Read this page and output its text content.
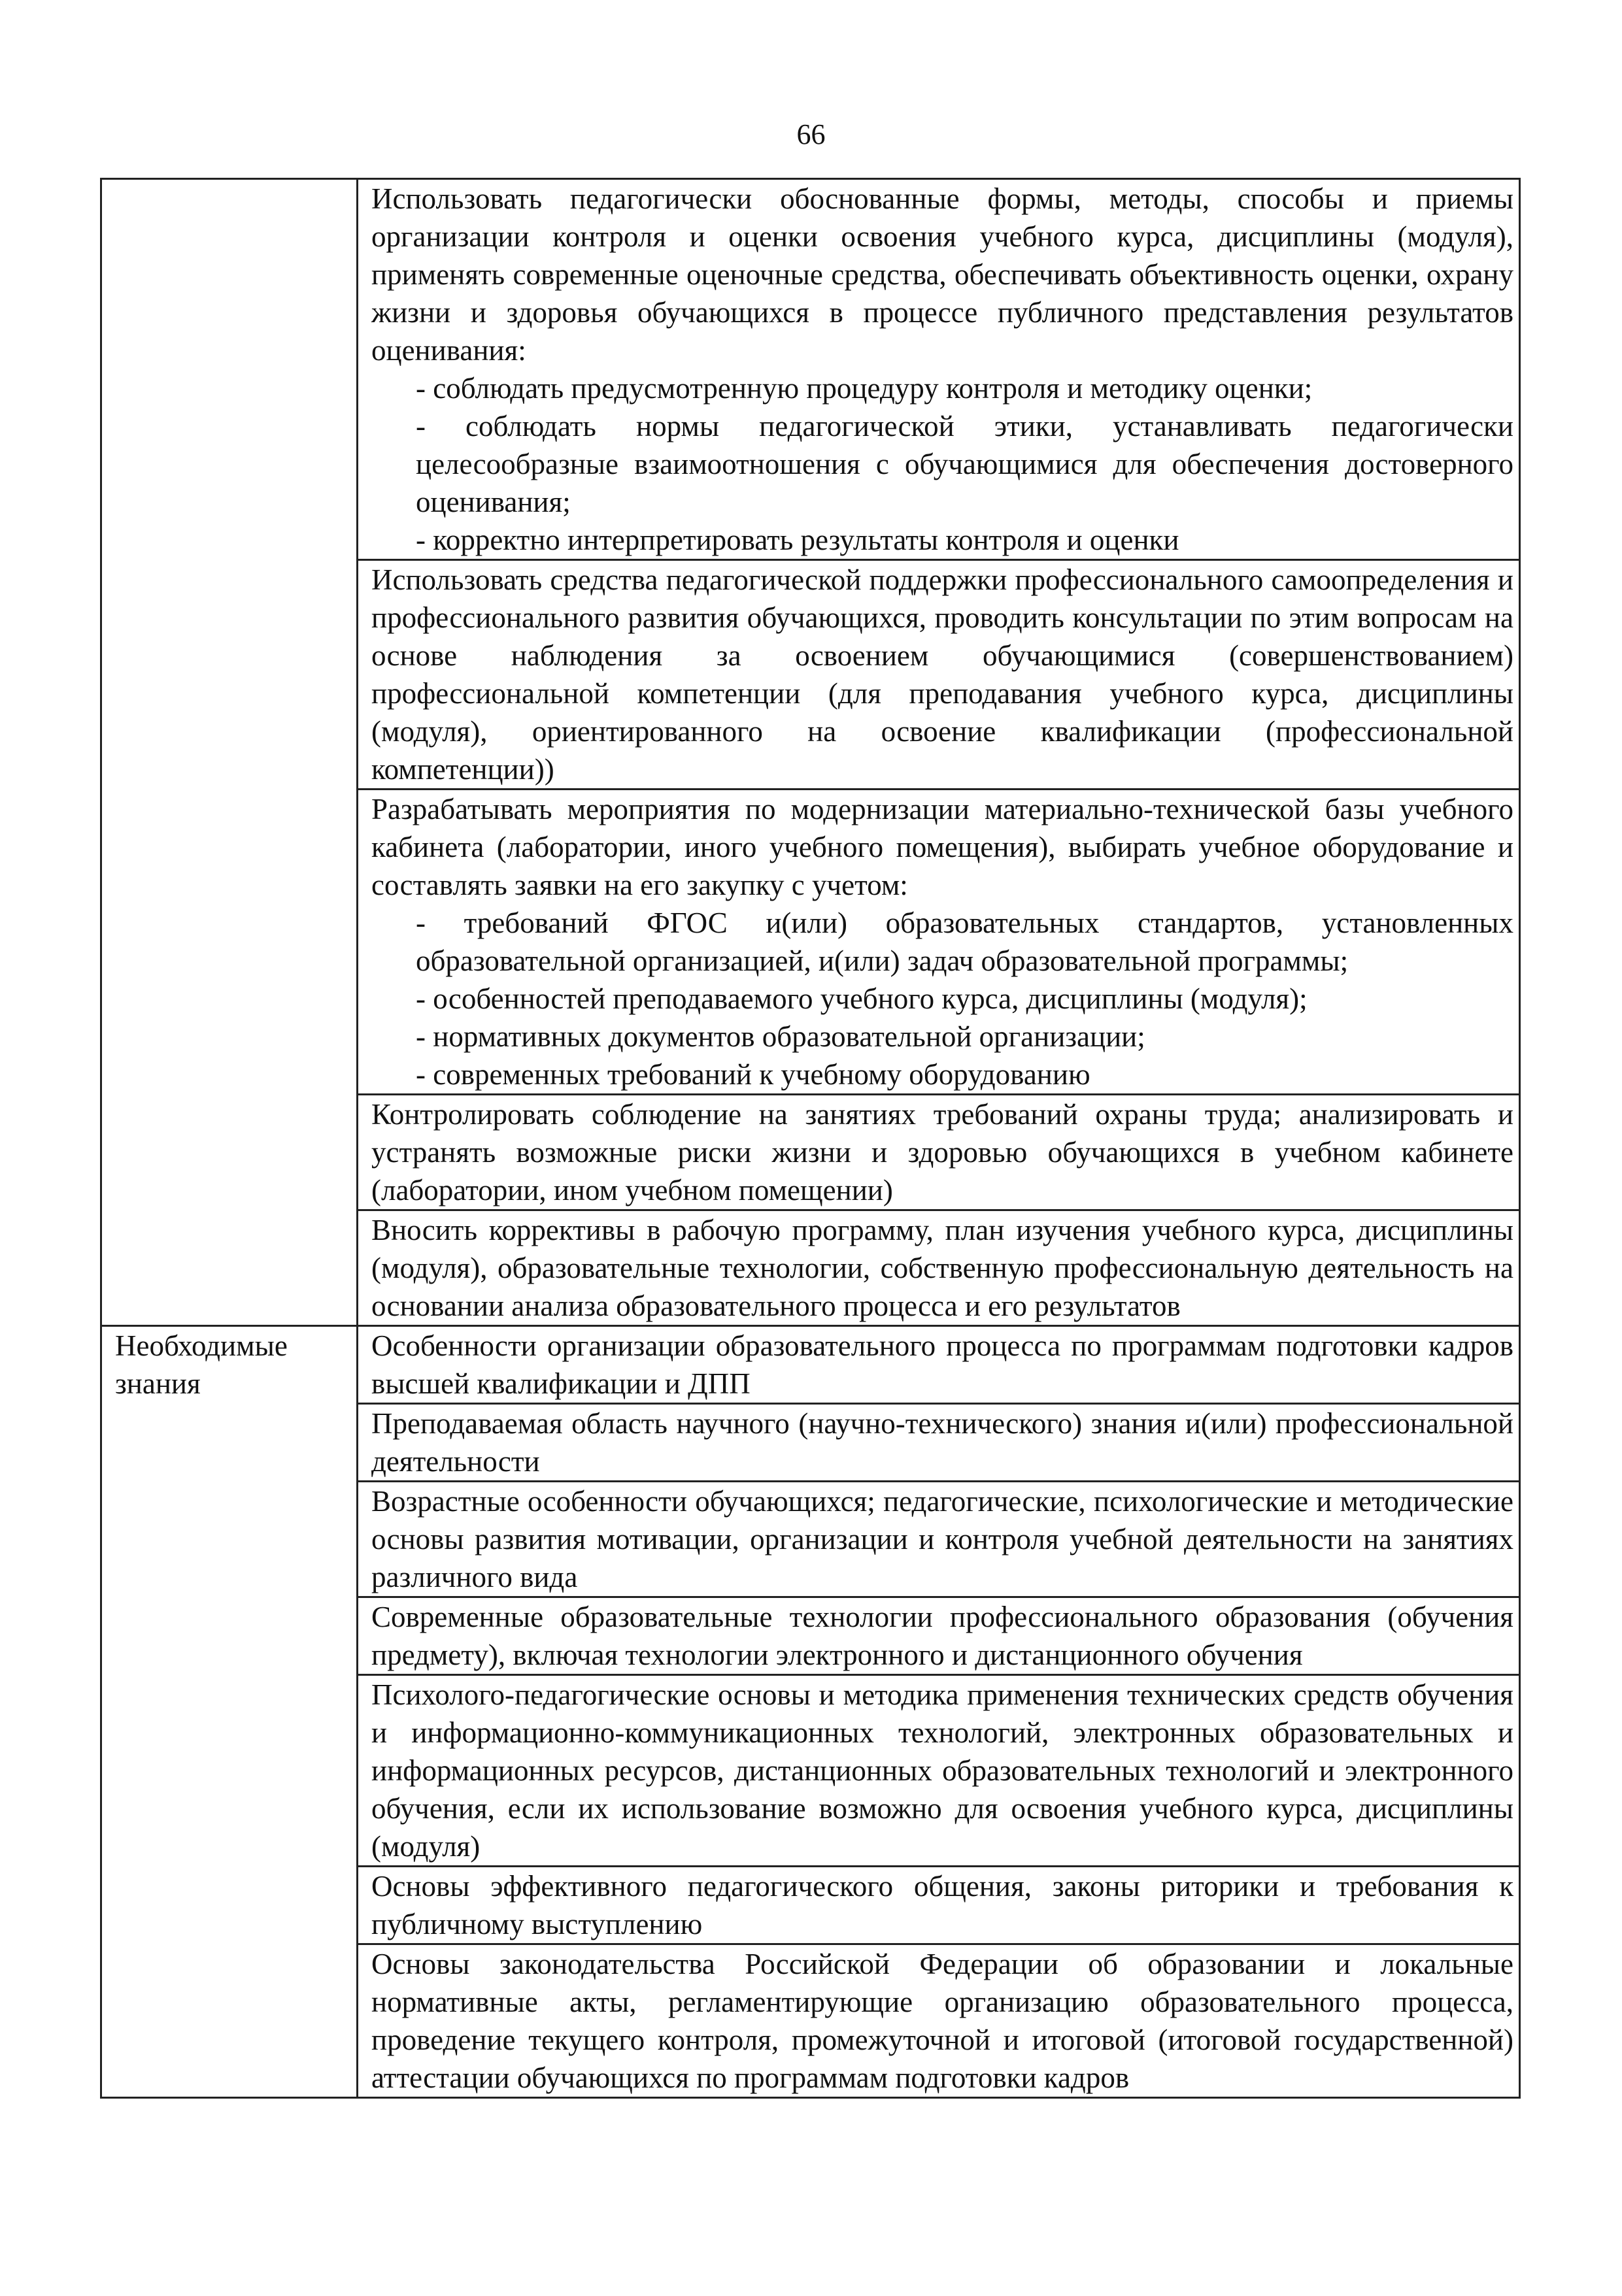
66

	Использовать педагогически обоснованные формы, методы, способы и приемы организации контроля и оценки освоения учебного курса, дисциплины (модуля), применять современные оценочные средства, обеспечивать объективность оценки, охрану жизни и здоровья обучающихся в процессе публичного представления результатов оценивания:

- соблюдать предусмотренную процедуру контроля и методику оценки;

- соблюдать нормы педагогической этики, устанавливать педагогически целесообразные взаимоотношения с обучающимися для обеспечения достоверного оценивания;

- корректно интерпретировать результаты контроля и оценки

	Использовать средства педагогической поддержки профессионального самоопределения и профессионального развития обучающихся, проводить консультации по этим вопросам на основе наблюдения за освоением обучающимися (совершенствованием) профессиональной компетенции (для преподавания учебного курса, дисциплины (модуля), ориентированного на освоение квалификации (профессиональной компетенции))

	Разрабатывать мероприятия по модернизации материально-технической базы учебного кабинета (лаборатории, иного учебного помещения), выбирать учебное оборудование и составлять заявки на его закупку с учетом:

- требований ФГОС и(или) образовательных стандартов, установленных образовательной организацией, и(или) задач образовательной программы;

- особенностей преподаваемого учебного курса, дисциплины (модуля);

- нормативных документов образовательной организации;

- современных требований к учебному оборудованию

	Контролировать соблюдение на занятиях требований охраны труда; анализировать и устранять возможные риски жизни и здоровью обучающихся в учебном кабинете (лаборатории, ином учебном помещении)

	Вносить коррективы в рабочую программу, план изучения учебного курса, дисциплины (модуля), образовательные технологии, собственную профессиональную деятельность на основании анализа образовательного процесса и его результатов

Необходимые знания	Особенности организации образовательного процесса по программам подготовки кадров высшей квалификации и ДПП

	Преподаваемая область научного (научно-технического) знания и(или) профессиональной деятельности

	Возрастные особенности обучающихся; педагогические, психологические и методические основы развития мотивации, организации и контроля учебной деятельности на занятиях различного вида

	Современные образовательные технологии профессионального образования (обучения предмету), включая технологии электронного и дистанционного обучения

	Психолого-педагогические основы и методика применения технических средств обучения и информационно-коммуникационных технологий, электронных образовательных и информационных ресурсов, дистанционных образовательных технологий и электронного обучения, если их использование возможно для освоения учебного курса, дисциплины (модуля)

	Основы эффективного педагогического общения, законы риторики и требования к публичному выступлению

	Основы законодательства Российской Федерации об образовании и локальные нормативные акты, регламентирующие организацию образовательного процесса, проведение текущего контроля, промежуточной и итоговой (итоговой государственной) аттестации обучающихся по программам подготовки кадров
